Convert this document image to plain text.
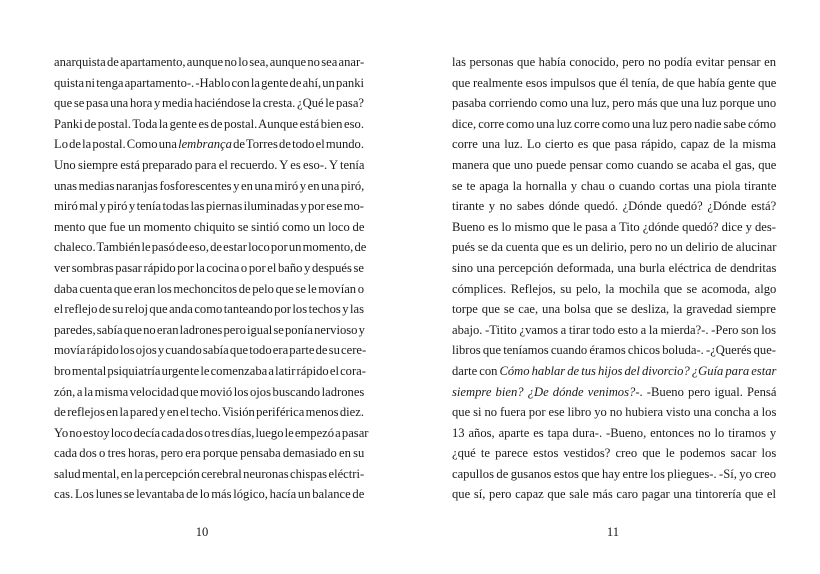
anarquista de apartamento, aunque no lo sea, aunque no sea anar-
quista ni tenga apartamento-. -Hablo con la gente de ahí, un panki
que se pasa una hora y media haciéndose la cresta. ¿Qué le pasa?
Panki de postal. Toda la gente es de postal. Aunque está bien eso.
Lo de la postal. Como una lembrança de Torres de todo el mundo.
Uno siempre está preparado para el recuerdo. Y es eso-. Y tenía
unas medias naranjas fosforescentes y en una miró y en una piró,
miró mal y piró y tenía todas las piernas iluminadas y por ese mo-
mento que fue un momento chiquito se sintió como un loco de
chaleco. También le pasó de eso, de estar loco por un momento, de
ver sombras pasar rápido por la cocina o por el baño y después se
daba cuenta que eran los mechoncitos de pelo que se le movían o
el reflejo de su reloj que anda como tanteando por los techos y las
paredes, sabía que no eran ladrones pero igual se ponía nervioso y
movía rápido los ojos y cuando sabía que todo era parte de su cere-
bro mental psiquiatría urgente le comenzaba a latir rápido el cora-
zón, a la misma velocidad que movió los ojos buscando ladrones
de reflejos en la pared y en el techo. Visión periférica menos diez.
Yo no estoy loco decía cada dos o tres días, luego le empezó a pasar
cada dos o tres horas, pero era porque pensaba demasiado en su
salud mental, en la percepción cerebral neuronas chispas eléctri-
cas. Los lunes se levantaba de lo más lógico, hacía un balance de
10
las personas que había conocido, pero no podía evitar pensar en
que realmente esos impulsos que él tenía, de que había gente que
pasaba corriendo como una luz, pero más que una luz porque uno
dice, corre como una luz corre como una luz pero nadie sabe cómo
corre una luz. Lo cierto es que pasa rápido, capaz de la misma
manera que uno puede pensar como cuando se acaba el gas, que
se te apaga la hornalla y chau o cuando cortas una piola tirante
tirante y no sabes dónde quedó. ¿Dónde quedó? ¿Dónde está?
Bueno es lo mismo que le pasa a Tito ¿dónde quedó? dice y des-
pués se da cuenta que es un delirio, pero no un delirio de alucinar
sino una percepción deformada, una burla eléctrica de dendritas
cómplices. Reflejos, su pelo, la mochila que se acomoda, algo
torpe que se cae, una bolsa que se desliza, la gravedad siempre
abajo. -Titito ¿vamos a tirar todo esto a la mierda?-. -Pero son los
libros que teníamos cuando éramos chicos boluda-. -¿Querés que-
darte con Cómo hablar de tus hijos del divorcio? ¿Guía para estar
siempre bien? ¿De dónde venimos?-. -Bueno pero igual. Pensá
que si no fuera por ese libro yo no hubiera visto una concha a los
13 años, aparte es tapa dura-. -Bueno, entonces no lo tiramos y
¿qué te parece estos vestidos? creo que le podemos sacar los
capullos de gusanos estos que hay entre los pliegues-. -Sí, yo creo
que sí, pero capaz que sale más caro pagar una tintorería que el
11
